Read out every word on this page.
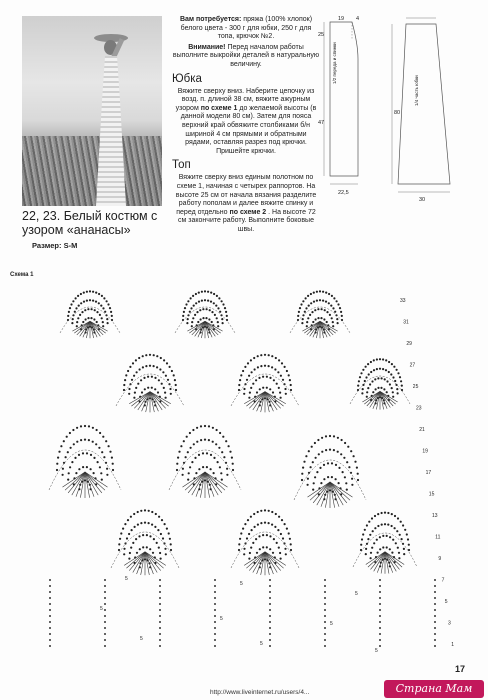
22, 23. Белый костюм с узором «ананасы»
Размер: S-M

Вам потребуется: пряжа (100% хлопок) белого цвета - 300 г для юбки, 250 г для топа, крючок №2.

Внимание! Перед началом работы выполните выкройки деталей в натуральную величину.

Юбка

Вяжите сверху вниз. Наберите цепочку из возд. п. длиной 38 см, вяжите ажурным узором по схеме 1 до желаемой высоты (в данной модели 80 см). Затем для пояса верхний край обвяжите столбиками б/н шириной 4 см прямыми и обратными рядами, оставляя разрез под крючки. Пришейте крючки.

Топ

Вяжите сверху вниз единым полотном по схеме 1, начиная с четырех раппортов. На высоте 25 см от начала вязания разделите работу пополам и далее вяжите спинку и перед отдельно по схеме 2 . На высоте 72 см закончите работу. Выполните боковые швы.

19 4
25
47
22,5
1/2 переда и спинки
80
30
1/4 часть юбки
Схема 1
33
31
29
27
25
23
21
19
17
15
13
11
9
7
5
3
1
5
5
5
5
5
5
5
5
5
17
http://www.liveinternet.ru/users/4...	Страна Мам
